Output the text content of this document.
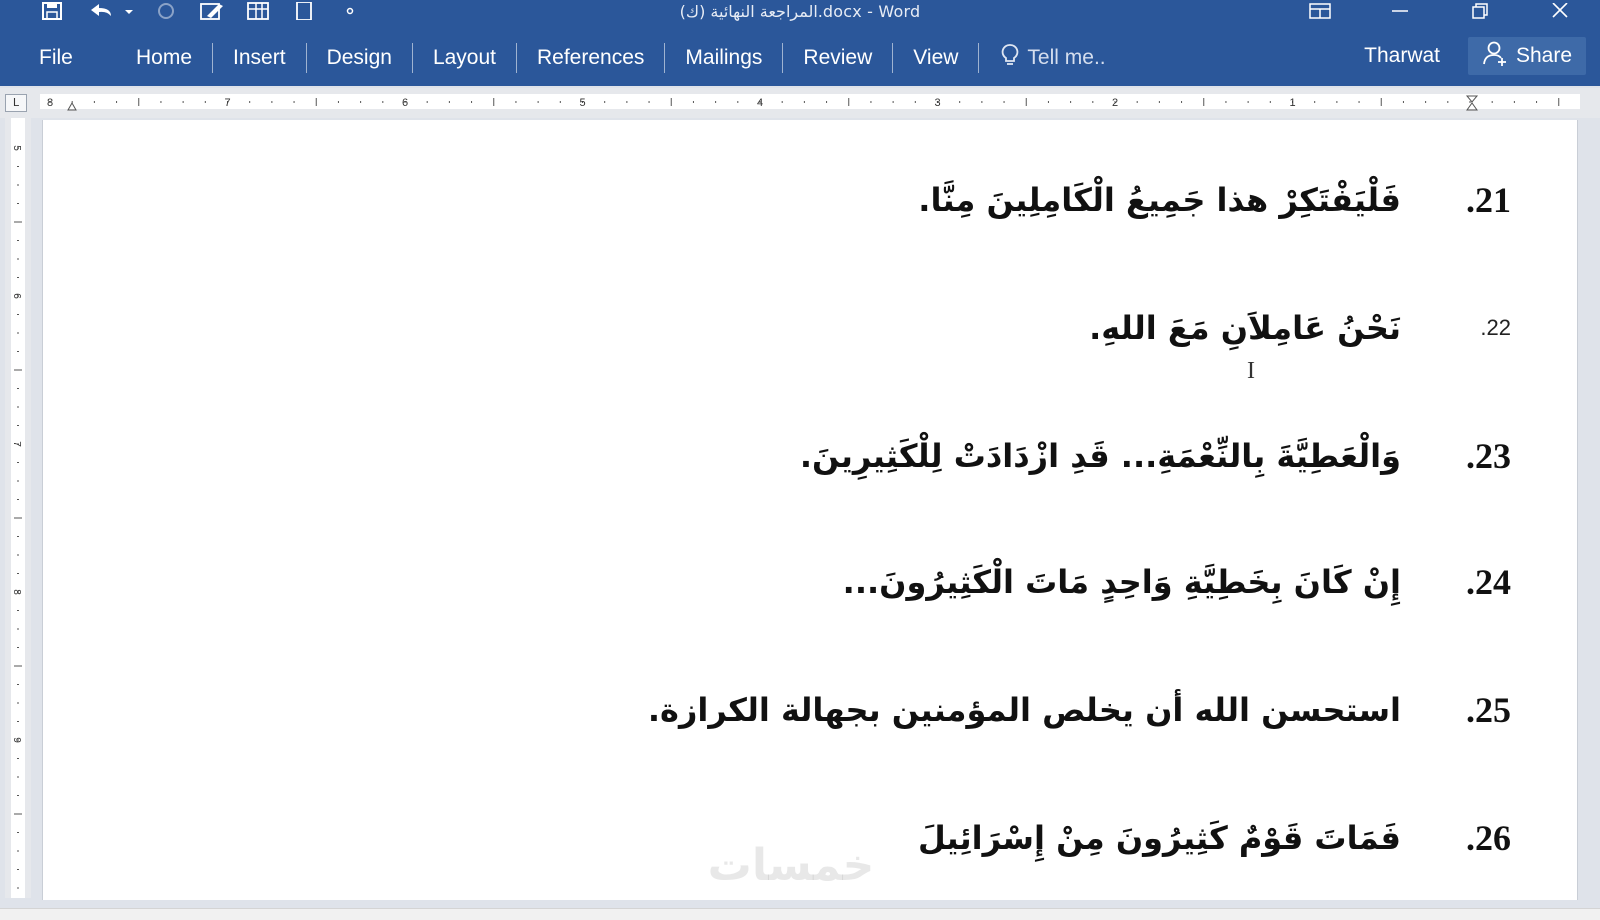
(ك) المراجعة النهائية.docx - Word
File	Home	Insert	Design	Layout	References	Mailings	Review	View	Tell me..	Tharwat	Share
L	8	7	6	5	4	3	2	1
5
6
7
8
9
فَلْيَفْتَكِرْ هذا جَمِيعُ الْكَامِلِينَ مِنَّا.	.21
نَحْنُ عَامِلاَنِ مَعَ اللهِ.	.22
وَالْعَطِيَّةَ بِالنِّعْمَةِ... قَدِ ازْدَادَتْ لِلْكَثِيرِينَ.	.23
إِنْ كَانَ بِخَطِيَّةِ وَاحِدٍ مَاتَ الْكَثِيرُونَ...	.24
استحسن الله أن يخلص المؤمنين بجهالة الكرازة.	.25
فَمَاتَ قَوْمٌ كَثِيرُونَ مِنْ إِسْرَائِيلَ	.26
I
خمسات
